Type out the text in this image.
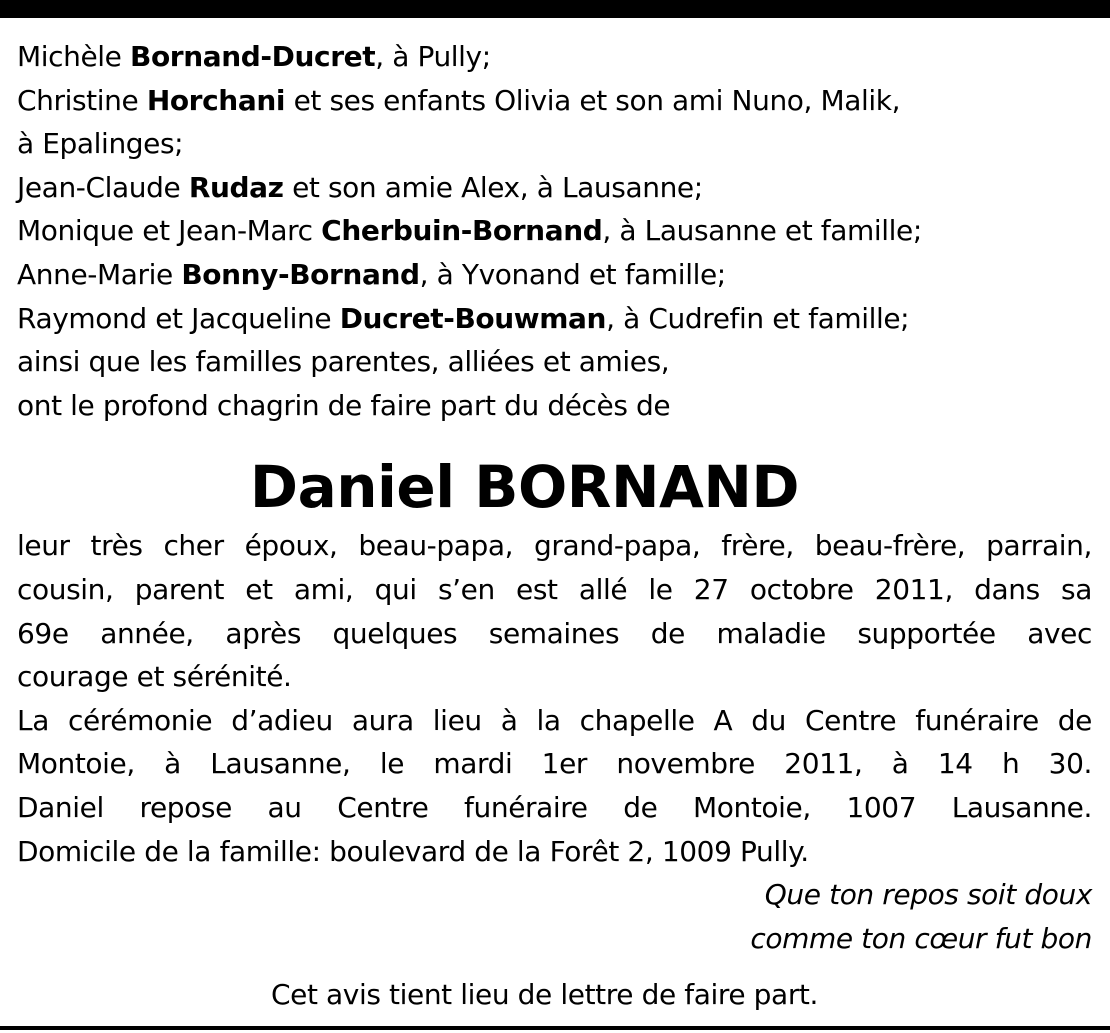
Michèle Bornand-Ducret, à Pully;
Christine Horchani et ses enfants Olivia et son ami Nuno, Malik,
à Epalinges;
Jean-Claude Rudaz et son amie Alex, à Lausanne;
Monique et Jean-Marc Cherbuin-Bornand, à Lausanne et famille;
Anne-Marie Bonny-Bornand, à Yvonand et famille;
Raymond et Jacqueline Ducret-Bouwman, à Cudrefin et famille;
ainsi que les familles parentes, alliées et amies,
ont le profond chagrin de faire part du décès de
Daniel BORNAND
leur très cher époux, beau-papa, grand-papa, frère, beau-frère, parrain,
cousin, parent et ami, qui s’en est allé le 27 octobre 2011, dans sa
69e année, après quelques semaines de maladie supportée avec
courage et sérénité.
La cérémonie d’adieu aura lieu à la chapelle A du Centre funéraire de
Montoie, à Lausanne, le mardi 1er novembre 2011, à 14 h 30.
Daniel repose au Centre funéraire de Montoie, 1007 Lausanne.
Domicile de la famille: boulevard de la Forêt 2, 1009 Pully.
Que ton repos soit doux
comme ton cœur fut bon
Cet avis tient lieu de lettre de faire part.
